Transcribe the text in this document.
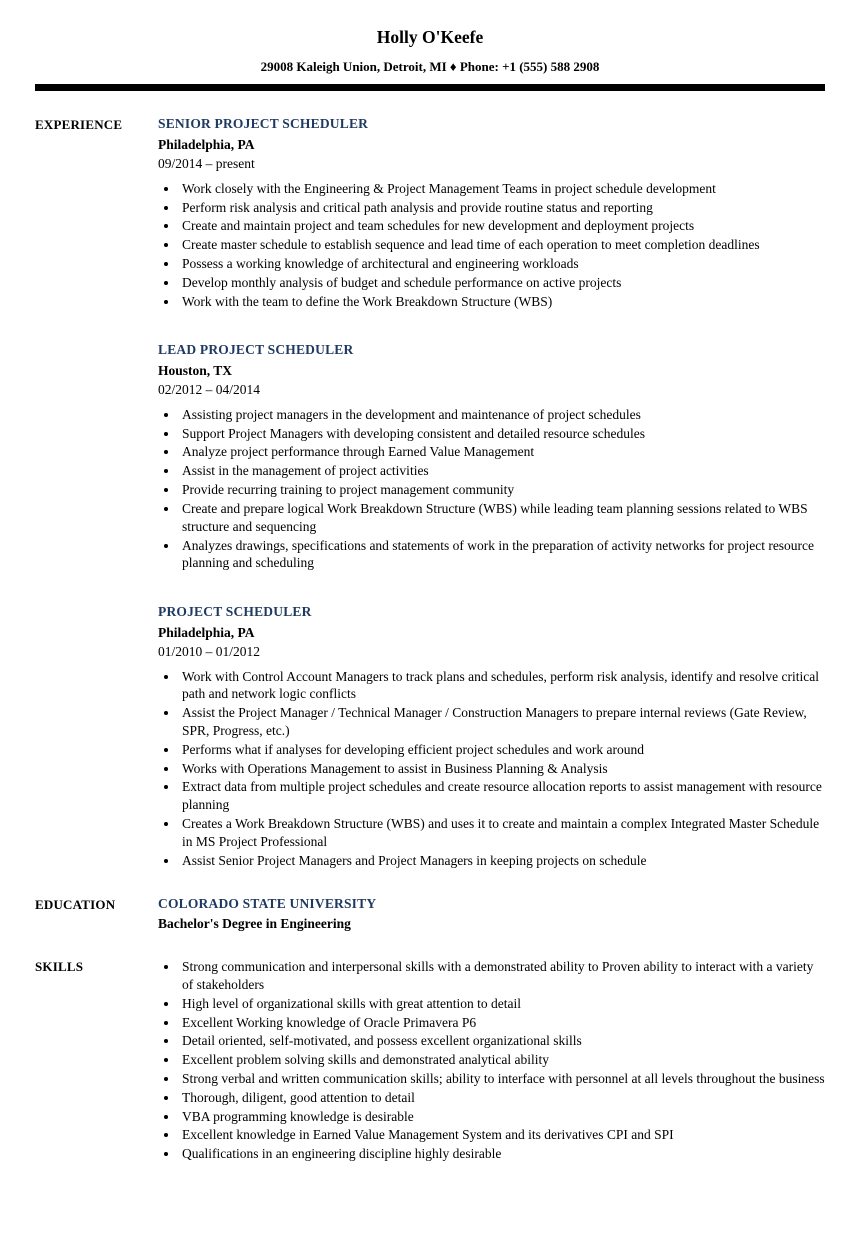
Holly O'Keefe
29008 Kaleigh Union, Detroit, MI ♦ Phone: +1 (555) 588 2908
EXPERIENCE	SENIOR PROJECT SCHEDULER
Philadelphia, PA
09/2014 – present
• Work closely with the Engineering & Project Management Teams in project schedule development
• Perform risk analysis and critical path analysis and provide routine status and reporting
• Create and maintain project and team schedules for new development and deployment projects
• Create master schedule to establish sequence and lead time of each operation to meet completion deadlines
• Possess a working knowledge of architectural and engineering workloads
• Develop monthly analysis of budget and schedule performance on active projects
• Work with the team to define the Work Breakdown Structure (WBS)
LEAD PROJECT SCHEDULER
Houston, TX
02/2012 – 04/2014
• Assisting project managers in the development and maintenance of project schedules
• Support Project Managers with developing consistent and detailed resource schedules
• Analyze project performance through Earned Value Management
• Assist in the management of project activities
• Provide recurring training to project management community
• Create and prepare logical Work Breakdown Structure (WBS) while leading team planning sessions related to WBS structure and sequencing
• Analyzes drawings, specifications and statements of work in the preparation of activity networks for project resource planning and scheduling
PROJECT SCHEDULER
Philadelphia, PA
01/2010 – 01/2012
• Work with Control Account Managers to track plans and schedules, perform risk analysis, identify and resolve critical path and network logic conflicts
• Assist the Project Manager / Technical Manager / Construction Managers to prepare internal reviews (Gate Review, SPR, Progress, etc.)
• Performs what if analyses for developing efficient project schedules and work around
• Works with Operations Management to assist in Business Planning & Analysis
• Extract data from multiple project schedules and create resource allocation reports to assist management with resource planning
• Creates a Work Breakdown Structure (WBS) and uses it to create and maintain a complex Integrated Master Schedule in MS Project Professional
• Assist Senior Project Managers and Project Managers in keeping projects on schedule
EDUCATION	COLORADO STATE UNIVERSITY
Bachelor's Degree in Engineering
SKILLS	• Strong communication and interpersonal skills with a demonstrated ability to Proven ability to interact with a variety of stakeholders
• High level of organizational skills with great attention to detail
• Excellent Working knowledge of Oracle Primavera P6
• Detail oriented, self-motivated, and possess excellent organizational skills
• Excellent problem solving skills and demonstrated analytical ability
• Strong verbal and written communication skills; ability to interface with personnel at all levels throughout the business
• Thorough, diligent, good attention to detail
• VBA programming knowledge is desirable
• Excellent knowledge in Earned Value Management System and its derivatives CPI and SPI
• Qualifications in an engineering discipline highly desirable
